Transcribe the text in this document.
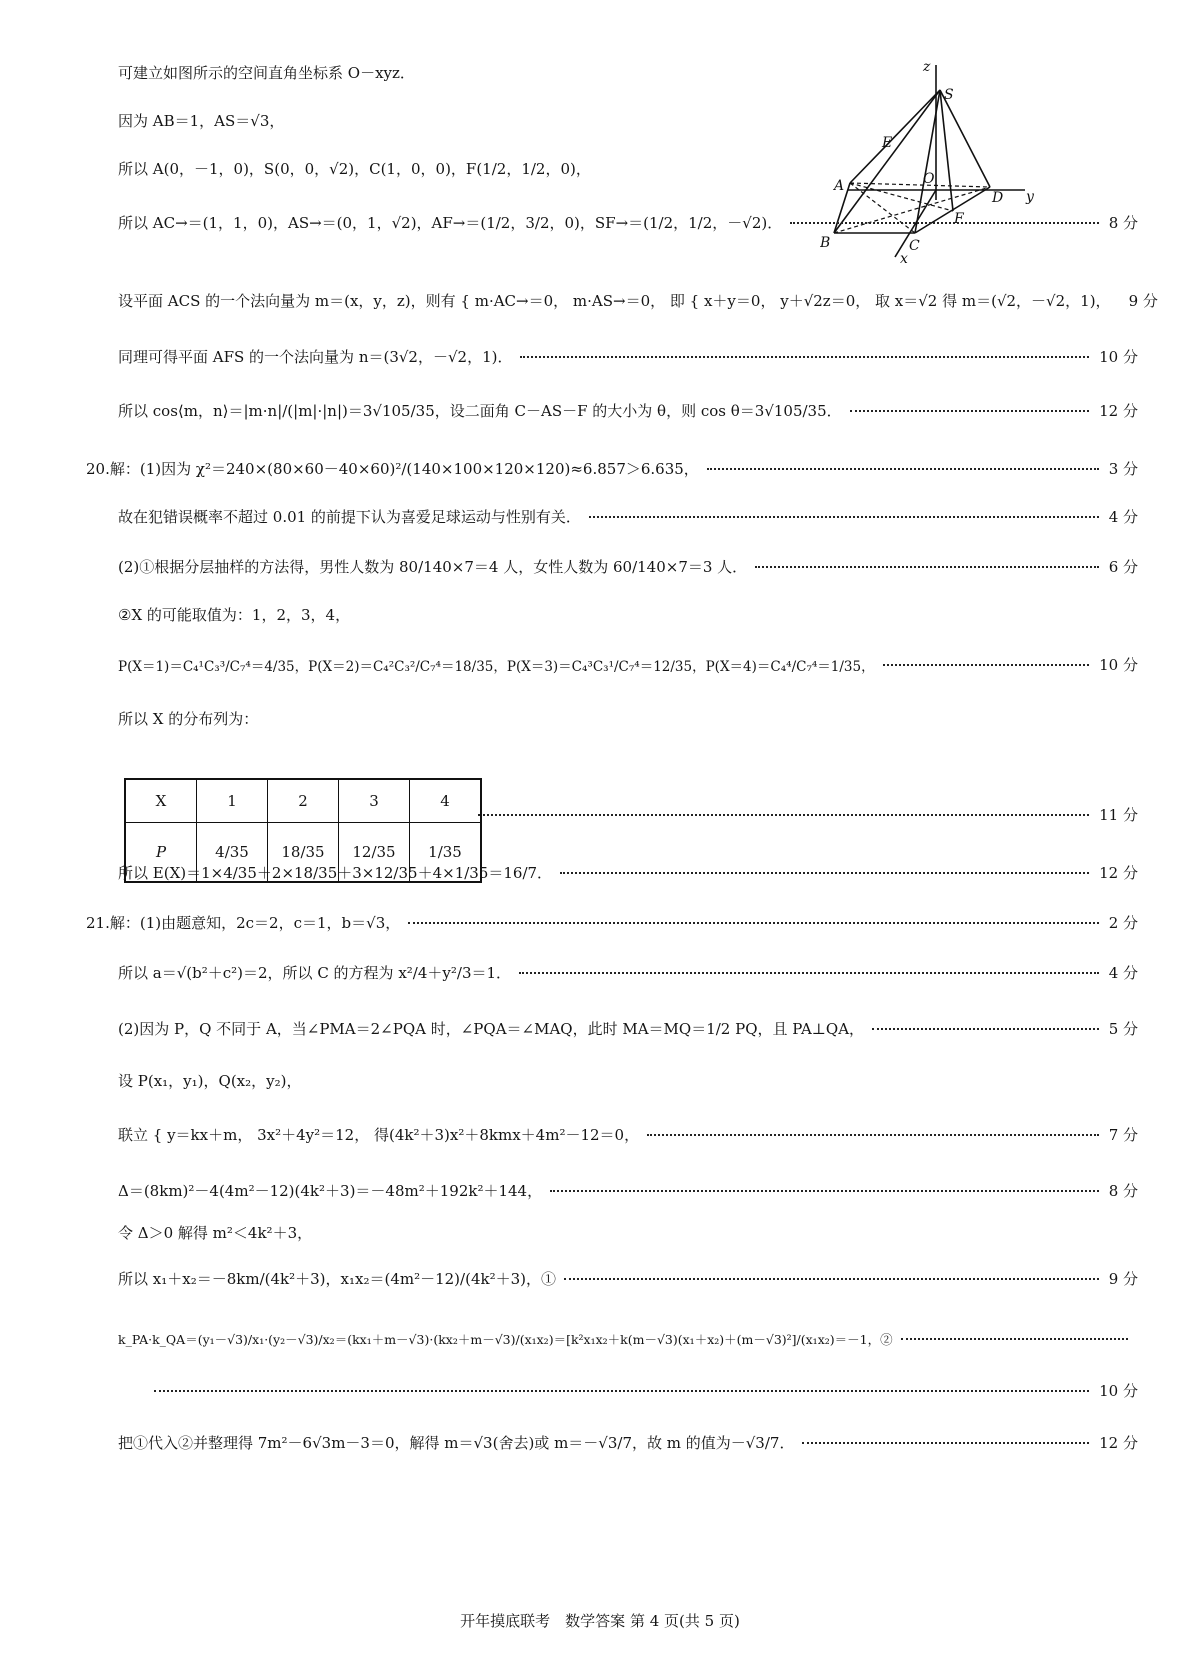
z
S
E
A	O
D y
F
B	C
x
可建立如图所示的空间直角坐标系 O－xyz．
因为 AB＝1，AS＝√3，
所以 A(0，－1，0)，S(0，0，√2)，C(1，0，0)，F(1/2，1/2，0)，
所以 AC→＝(1，1，0)，AS→＝(0，1，√2)，AF→＝(1/2，3/2，0)，SF→＝(1/2，1/2，－√2)．	8 分
设平面 ACS 的一个法向量为 m＝(x，y，z)，则有 { m·AC→＝0， m·AS→＝0， 即 { x＋y＝0， y＋√2z＝0， 取 x＝√2 得 m＝(√2，－√2，1)， 9 分
同理可得平面 AFS 的一个法向量为 n＝(3√2，－√2，1)．	10 分
所以 cos⟨m，n⟩＝|m·n|/(|m|·|n|)＝3√105/35，设二面角 C－AS－F 的大小为 θ，则 cos θ＝3√105/35．	12 分
20.解：(1)因为 χ²＝240×(80×60－40×60)²/(140×100×120×120)≈6.857＞6.635，	3 分
故在犯错误概率不超过 0.01 的前提下认为喜爱足球运动与性别有关．	4 分
(2)①根据分层抽样的方法得，男性人数为 80/140×7＝4 人，女性人数为 60/140×7＝3 人．	6 分
②X 的可能取值为：1，2，3，4，
P(X＝1)＝C₄¹C₃³/C₇⁴＝4/35，P(X＝2)＝C₄²C₃²/C₇⁴＝18/35，P(X＝3)＝C₄³C₃¹/C₇⁴＝12/35，P(X＝4)＝C₄⁴/C₇⁴＝1/35，	10 分
所以 X 的分布列为：
X	1	2	3	4
P	4/35	18/35	12/35	1/35
11 分
所以 E(X)＝1×4/35＋2×18/35＋3×12/35＋4×1/35＝16/7．	12 分
21.解：(1)由题意知，2c＝2，c＝1，b＝√3，	2 分
所以 a＝√(b²＋c²)＝2，所以 C 的方程为 x²/4＋y²/3＝1．	4 分
(2)因为 P，Q 不同于 A，当∠PMA＝2∠PQA 时，∠PQA＝∠MAQ，此时 MA＝MQ＝1/2 PQ，且 PA⊥QA，	5 分
设 P(x₁，y₁)，Q(x₂，y₂)，
联立 { y＝kx＋m， 3x²＋4y²＝12， 得(4k²＋3)x²＋8kmx＋4m²－12＝0，	7 分
Δ＝(8km)²－4(4m²－12)(4k²＋3)＝－48m²＋192k²＋144，	8 分
令 Δ＞0 解得 m²＜4k²＋3，
所以 x₁＋x₂＝－8km/(4k²＋3)，x₁x₂＝(4m²－12)/(4k²＋3)，①	9 分
k_PA·k_QA＝(y₁－√3)/x₁·(y₂－√3)/x₂＝(kx₁＋m－√3)·(kx₂＋m－√3)/(x₁x₂)＝[k²x₁x₂＋k(m－√3)(x₁＋x₂)＋(m－√3)²]/(x₁x₂)＝－1，②
10 分
把①代入②并整理得 7m²－6√3m－3＝0，解得 m＝√3(舍去)或 m＝－√3/7，故 m 的值为－√3/7．	12 分
开年摸底联考　数学答案 第 4 页(共 5 页)
